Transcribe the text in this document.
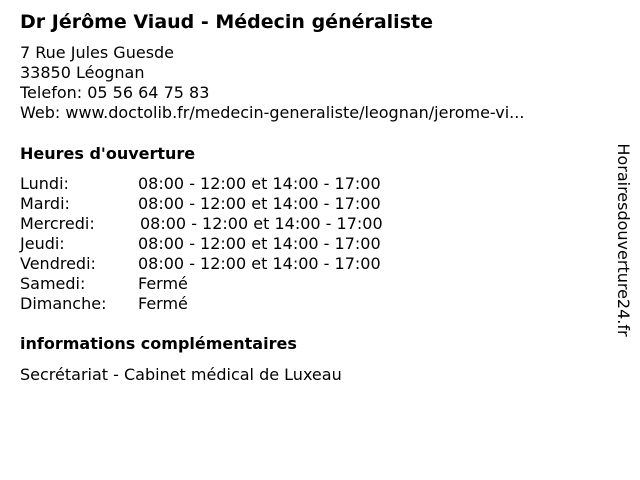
Dr Jérôme Viaud - Médecin généraliste
7 Rue Jules Guesde
33850 Léognan
Telefon: 05 56 64 75 83
Web: www.doctolib.fr/medecin-generaliste/leognan/jerome-vi...
Heures d'ouverture
Lundi:	08:00 - 12:00 et 14:00 - 17:00
Mardi:	08:00 - 12:00 et 14:00 - 17:00
Mercredi:	08:00 - 12:00 et 14:00 - 17:00
Jeudi:	08:00 - 12:00 et 14:00 - 17:00
Vendredi:	08:00 - 12:00 et 14:00 - 17:00
Samedi:	Fermé
Dimanche: Fermé
informations complémentaires
Secrétariat - Cabinet médical de Luxeau
Horairesdouverture24.fr
